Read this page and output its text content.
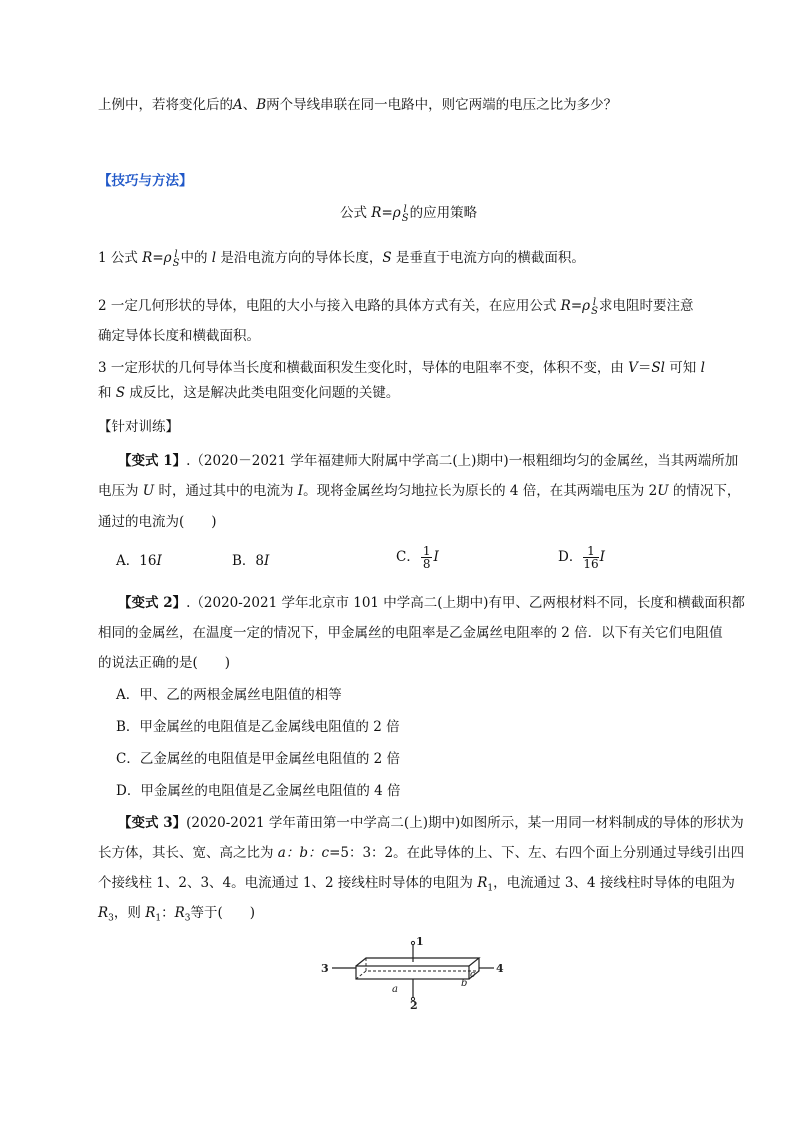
上例中，若将变化后的A、B两个导线串联在同一电路中，则它两端的电压之比为多少？
【技巧与方法】
公式 R=ρ l
S 的应用策略
1 公式 R=ρ l
S 中的 l 是沿电流方向的导体长度，S 是垂直于电流方向的横截面积。
2 一定几何形状的导体，电阻的大小与接入电路的具体方式有关，在应用公式 R=ρ l
S 求电阻时要注意
确定导体长度和横截面积。
3 一定形状的几何导体当长度和横截面积发生变化时，导体的电阻率不变，体积不变，由 V＝Sl 可知 l
和 S 成反比，这是解决此类电阻变化问题的关键。
【针对训练】
【变式 1】.（2020－2021 学年福建师大附属中学高二(上)期中)一根粗细均匀的金属丝，当其两端所加
电压为 U 时，通过其中的电流为 I。现将金属丝均匀地拉长为原长的 4 倍，在其两端电压为 2U 的情况下，
通过的电流为(　　)
A．16I	B．8I	C． $\frac{1}{8}$ I	D． $\frac{1}{16}$ I
【变式 2】.（2020-2021 学年北京市 101 中学高二(上期中)有甲、乙两根材料不同，长度和横截面积都
相同的金属丝，在温度一定的情况下，甲金属丝的电阻率是乙金属丝电阻率的 2 倍．以下有关它们电阻值
的说法正确的是(　　)
A．甲、乙的两根金属丝电阻值的相等
B．甲金属丝的电阻值是乙金属线电阻值的 2 倍
C．乙金属丝的电阻值是甲金属丝电阻值的 2 倍
D．甲金属丝的电阻值是乙金属丝电阻值的 4 倍
【变式 3】(2020-2021 学年莆田第一中学高二(上)期中)如图所示，某一用同一材料制成的导体的形状为
长方体，其长、宽、高之比为 a：b：c=5：3：2。在此导体的上、下、左、右四个面上分别通过导线引出四
个接线柱 1、2、3、4。电流通过 1、2 接线柱时导体的电阻为 $R_1$，电流通过 3、4 接线柱时导体的电阻为
$R_3$，则 $R_1$：$R_3$等于(　　)
1
2
3	4
a
b
c
